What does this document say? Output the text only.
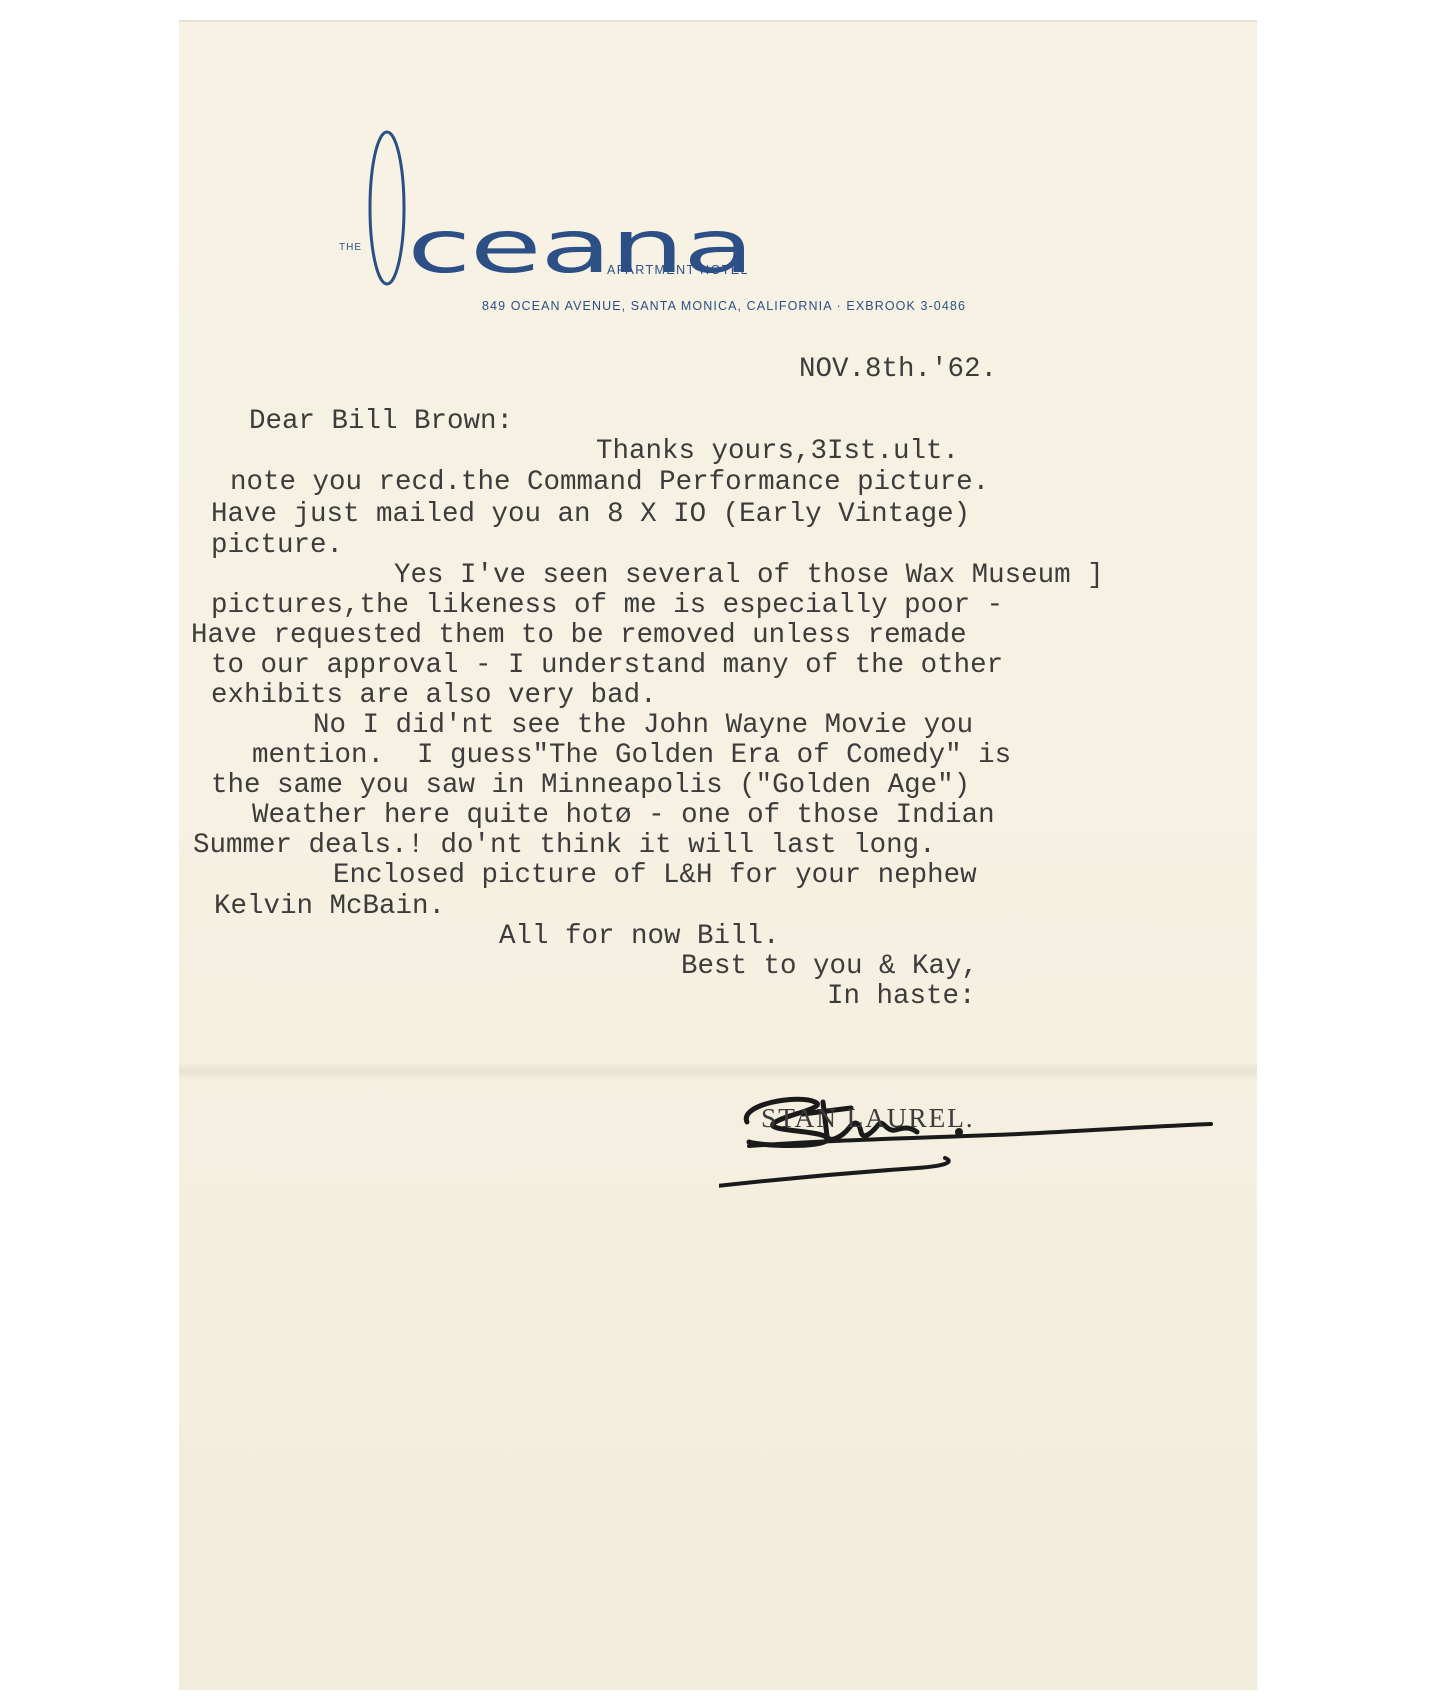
THE ceana
APARTMENT HOTEL
849 OCEAN AVENUE, SANTA MONICA, CALIFORNIA · EXBROOK 3-0486
NOV.8th.'62.
Dear Bill Brown:
Thanks yours,3Ist.ult.
note you recd.the Command Performance picture.
Have just mailed you an 8 X IO (Early Vintage)
picture.
Yes I've seen several of those Wax Museum ]
pictures,the likeness of me is especially poor -
Have requested them to be removed unless remade
to our approval - I understand many of the other
exhibits are also very bad.
No I did'nt see the John Wayne Movie you
mention.  I guess"The Golden Era of Comedy" is
the same you saw in Minneapolis ("Golden Age")
Weather here quite hotø - one of those Indian
Summer deals.! do'nt think it will last long.
Enclosed picture of L&H for your nephew
Kelvin McBain.
All for now Bill.
Best to you & Kay,
In haste:
STAN LAUREL.
